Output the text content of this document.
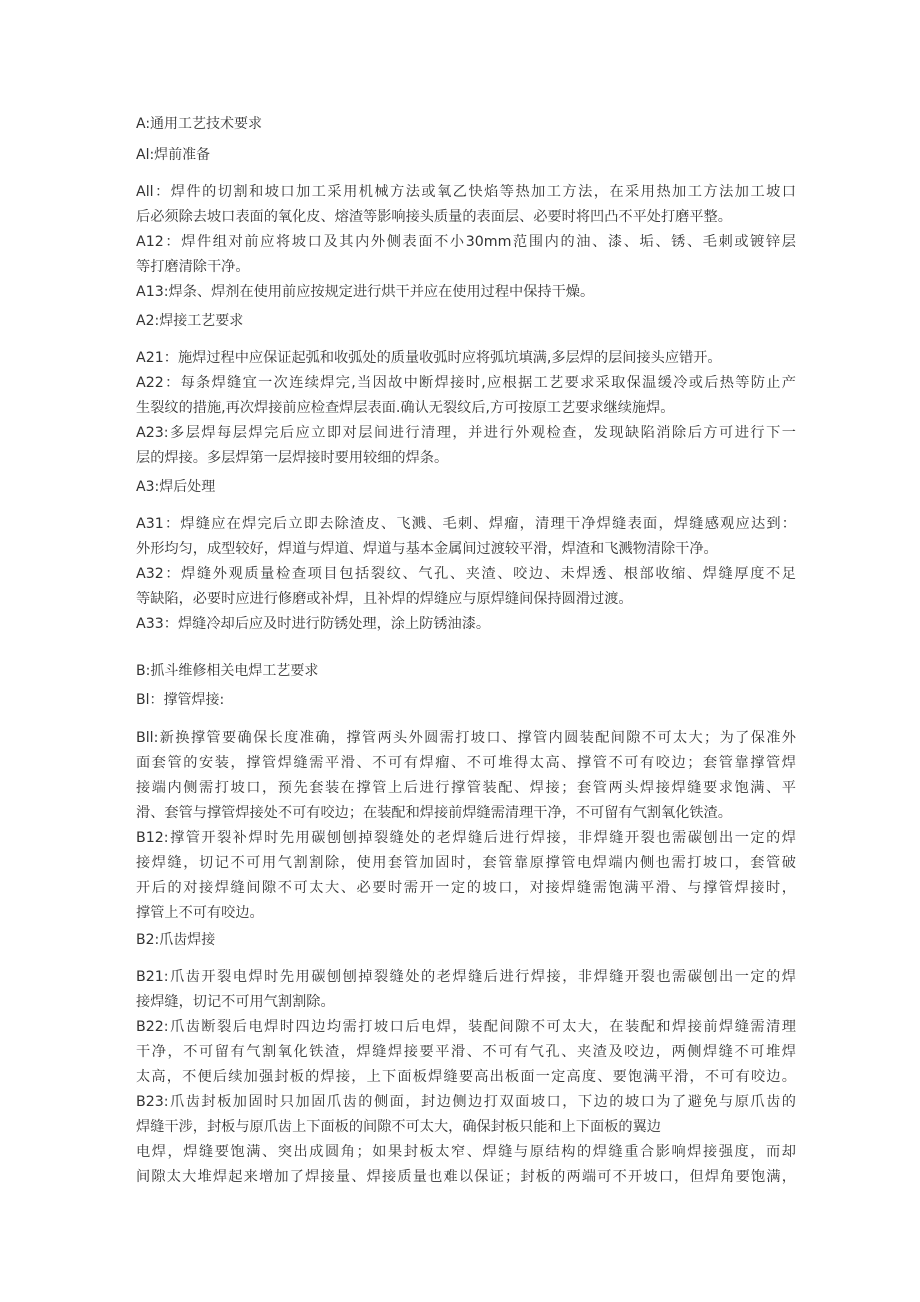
A:通用工艺技术要求
Al:焊前准备
All：焊件的切割和坡口加工采用机械方法或氧乙快焰等热加工方法，在采用热加工方法加工坡口
后必须除去坡口表面的氧化皮、熔渣等影响接头质量的表面层、必要时将凹凸不平处打磨平整。
A12：焊件组对前应将坡口及其内外侧表面不小30mm范围内的油、漆、垢、锈、毛刺或镀锌层
等打磨清除干净。
A13:焊条、焊剂在使用前应按规定进行烘干并应在使用过程中保持干燥。
A2:焊接工艺要求
A21：施焊过程中应保证起弧和收弧处的质量收弧时应将弧坑填满,多层焊的层间接头应错开。
A22：每条焊缝宜一次连续焊完,当因故中断焊接时,应根据工艺要求采取保温缓冷或后热等防止产
生裂纹的措施,再次焊接前应检查焊层表面.确认无裂纹后,方可按原工艺要求继续施焊。
A23:多层焊每层焊完后应立即对层间进行清理，并进行外观检查，发现缺陷消除后方可进行下一
层的焊接。多层焊第一层焊接时要用较细的焊条。
A3:焊后处理
A31：焊缝应在焊完后立即去除渣皮、飞溅、毛刺、焊瘤，清理干净焊缝表面，焊缝感观应达到：
外形均匀，成型较好，焊道与焊道、焊道与基本金属间过渡较平滑，焊渣和飞溅物清除干净。
A32：焊缝外观质量检查项目包括裂纹、气孔、夹渣、咬边、未焊透、根部收缩、焊缝厚度不足
等缺陷，必要时应进行修磨或补焊，且补焊的焊缝应与原焊缝间保持圆滑过渡。
A33：焊缝冷却后应及时进行防锈处理，涂上防锈油漆。
B:抓斗维修相关电焊工艺要求
Bl：撑管焊接:
Bll:新换撑管要确保长度准确，撑管两头外圆需打坡口、撑管内圆装配间隙不可太大；为了保准外
面套管的安装，撑管焊缝需平滑、不可有焊瘤、不可堆得太高、撑管不可有咬边；套管靠撑管焊
接端内侧需打坡口，预先套装在撑管上后进行撑管装配、焊接；套管两头焊接焊缝要求饱满、平
滑、套管与撑管焊接处不可有咬边；在装配和焊接前焊缝需清理干净，不可留有气割氧化铁渣。
B12:撑管开裂补焊时先用碳刨刨掉裂缝处的老焊缝后进行焊接，非焊缝开裂也需碳刨出一定的焊
接焊缝，切记不可用气割割除，使用套管加固时，套管靠原撑管电焊端内侧也需打坡口，套管破
开后的对接焊缝间隙不可太大、必要时需开一定的坡口，对接焊缝需饱满平滑、与撑管焊接时，
撑管上不可有咬边。
B2:爪齿焊接
B21:爪齿开裂电焊时先用碳刨刨掉裂缝处的老焊缝后进行焊接，非焊缝开裂也需碳刨出一定的焊
接焊缝，切记不可用气割割除。
B22:爪齿断裂后电焊时四边均需打坡口后电焊，装配间隙不可太大，在装配和焊接前焊缝需清理
干净，不可留有气割氧化铁渣，焊缝焊接要平滑、不可有气孔、夹渣及咬边，两侧焊缝不可堆焊
太高，不便后续加强封板的焊接，上下面板焊缝要高出板面一定高度、要饱满平滑，不可有咬边。
B23:爪齿封板加固时只加固爪齿的侧面，封边侧边打双面坡口，下边的坡口为了避免与原爪齿的
焊缝干涉，封板与原爪齿上下面板的间隙不可太大，确保封板只能和上下面板的翼边
电焊，焊缝要饱满、突出成圆角；如果封板太窄、焊缝与原结构的焊缝重合影响焊接强度，而却
间隙太大堆焊起来增加了焊接量、焊接质量也难以保证；封板的两端可不开坡口，但焊角要饱满，
